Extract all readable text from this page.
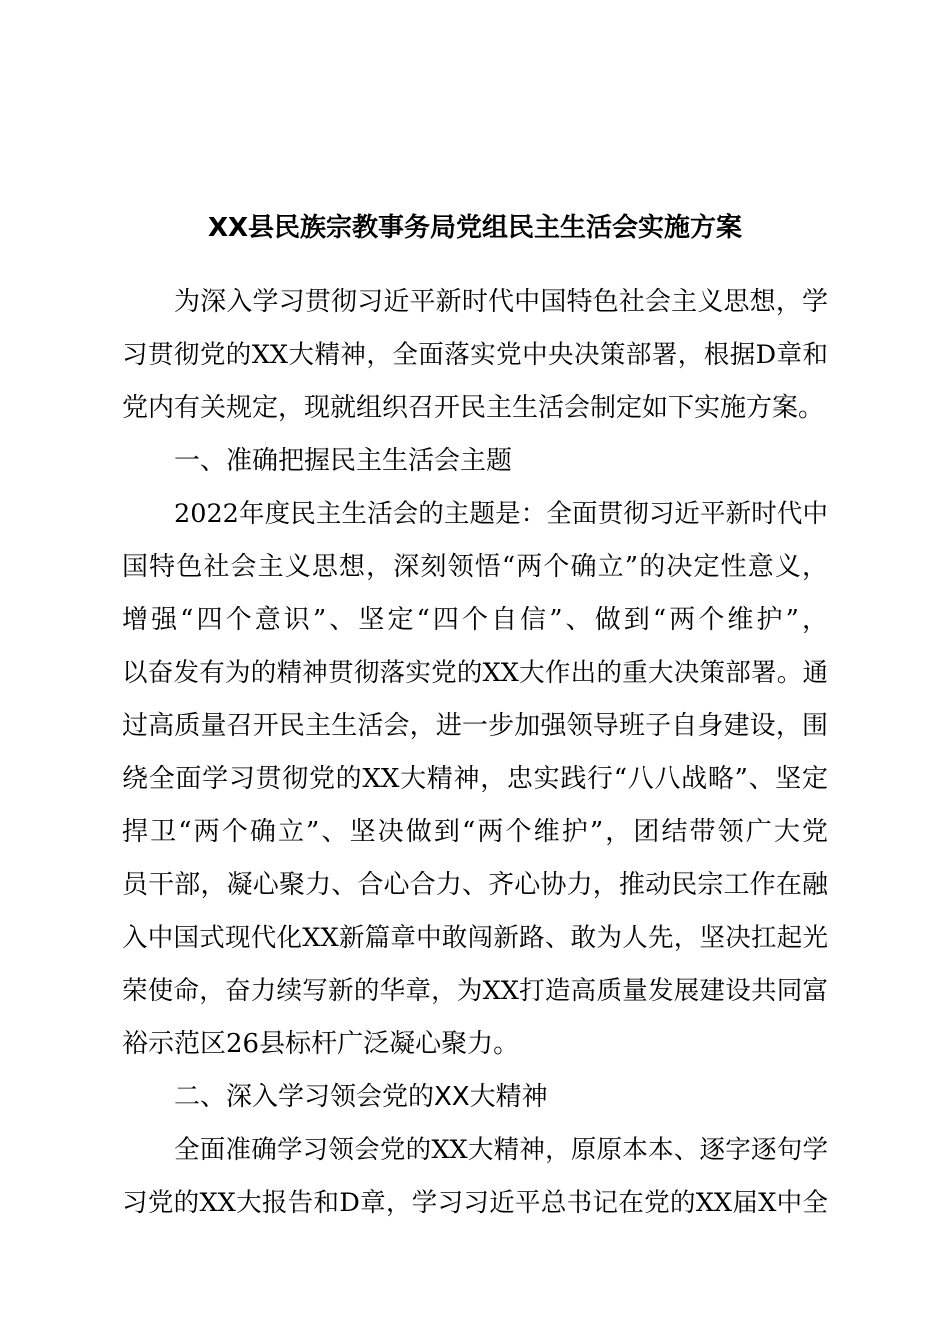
XX县民族宗教事务局党组民主生活会实施方案
为深入学习贯彻习近平新时代中国特色社会主义思想，学
习贯彻党的XX大精神，全面落实党中央决策部署，根据D章和
党内有关规定，现就组织召开民主生活会制定如下实施方案。
一、准确把握民主生活会主题
2022年度民主生活会的主题是：全面贯彻习近平新时代中
国特色社会主义思想，深刻领悟“两个确立”的决定性意义，
增强“四个意识”、坚定“四个自信”、做到“两个维护”，
以奋发有为的精神贯彻落实党的XX大作出的重大决策部署。通
过高质量召开民主生活会，进一步加强领导班子自身建设，围
绕全面学习贯彻党的XX大精神，忠实践行“八八战略”、坚定
捍卫“两个确立”、坚决做到“两个维护”，团结带领广大党
员干部，凝心聚力、合心合力、齐心协力，推动民宗工作在融
入中国式现代化XX新篇章中敢闯新路、敢为人先，坚决扛起光
荣使命，奋力续写新的华章，为XX打造高质量发展建设共同富
裕示范区26县标杆广泛凝心聚力。
二、深入学习领会党的XX大精神
全面准确学习领会党的XX大精神，原原本本、逐字逐句学
习党的XX大报告和D章，学习习近平总书记在党的XX届X中全
